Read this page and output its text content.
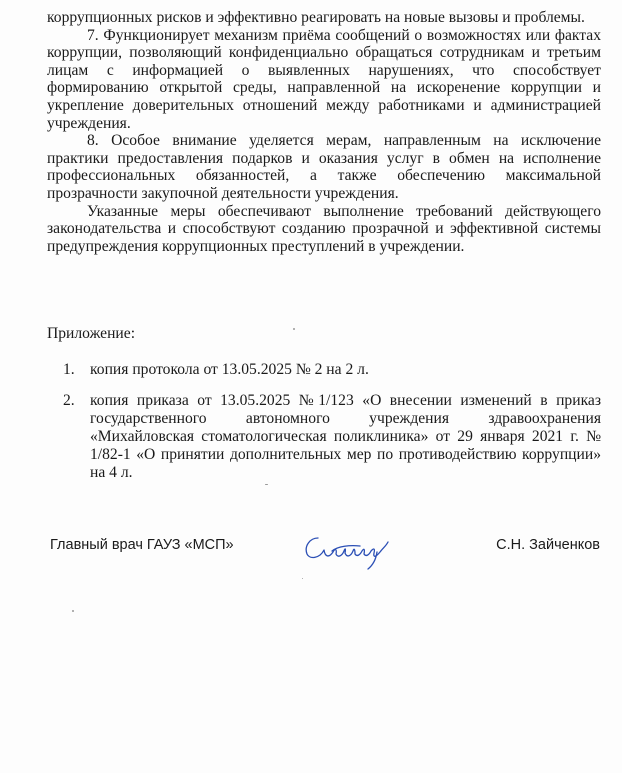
коррупционных рисков и эффективно реагировать на новые вызовы и проблемы.

7. Функционирует механизм приёма сообщений о возможностях или фактах коррупции, позволяющий конфиденциально обращаться сотрудникам и третьим лицам с информацией о выявленных нарушениях, что способствует формированию открытой среды, направленной на искоренение коррупции и укрепление доверительных отношений между работниками и администрацией учреждения.

8. Особое внимание уделяется мерам, направленным на исключение практики предоставления подарков и оказания услуг в обмен на исполнение профессиональных обязанностей, а также обеспечению максимальной прозрачности закупочной деятельности учреждения.

Указанные меры обеспечивают выполнение требований действующего законодательства и способствуют созданию прозрачной и эффективной системы предупреждения коррупционных преступлений в учреждении.

Приложение:
1. копия протокола от 13.05.2025 № 2 на 2 л.
2. копия приказа от 13.05.2025 №1/123 «О внесении изменений в приказ государственного автономного учреждения здравоохранения «Михайловская стоматологическая поликлиника» от 29 января 2021 г. № 1/82-1 «О принятии дополнительных мер по противодействию коррупции» на 4 л.
Главный врач ГАУЗ «МСП»	С.Н. Зайченков
